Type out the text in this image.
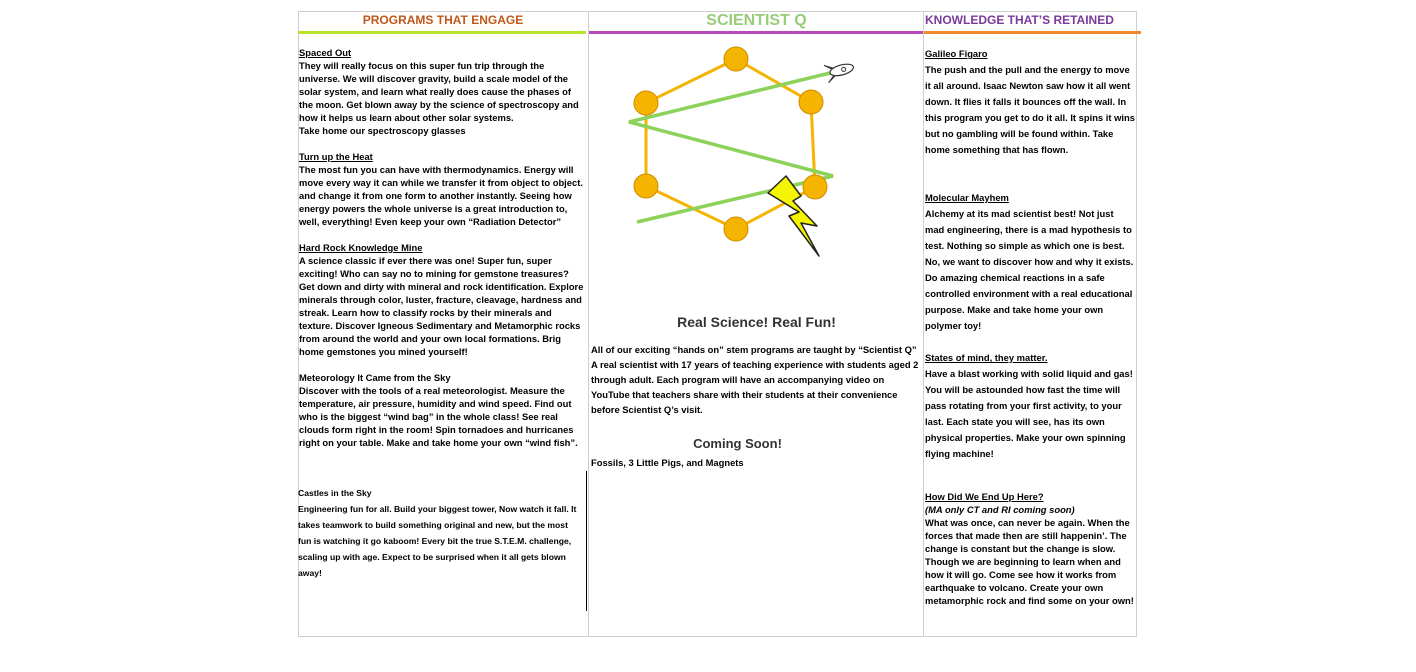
PROGRAMS THAT ENGAGE
Spaced Out

They will really focus on this super fun trip through the universe. We will discover gravity, build a scale model of the solar system, and learn what really does cause the phases of the moon. Get blown away by the science of spectroscopy and how it helps us learn about other solar systems.

Take home our spectroscopy glasses

Turn up the Heat

The most fun you can have with thermodynamics. Energy will move every way it can while we transfer it from object to object. and change it from one form to another instantly. Seeing how energy powers the whole universe is a great introduction to, well, everything! Even keep your own “Radiation Detector”

Hard Rock Knowledge Mine

A science classic if ever there was one! Super fun, super exciting! Who can say no to mining for gemstone treasures? Get down and dirty with mineral and rock identification. Explore minerals through color, luster, fracture, cleavage, hardness and streak. Learn how to classify rocks by their minerals and texture. Discover Igneous Sedimentary and Metamorphic rocks from around the world and your own local formations. Brig home gemstones you mined yourself!

Meteorology It Came from the Sky

Discover with the tools of a real meteorologist. Measure the temperature, air pressure, humidity and wind speed. Find out who is the biggest “wind bag” in the whole class! See real clouds form right in the room! Spin tornadoes and hurricanes right on your table. Make and take home your own “wind fish”.

Castles in the Sky

Engineering fun for all. Build your biggest tower, Now watch it fall. It takes teamwork to build something original and new, but the most fun is watching it go kaboom! Every bit the true S.T.E.M. challenge, scaling up with age. Expect to be surprised when it all gets blown away!

SCIENTIST Q
Real Science! Real Fun!
All of our exciting “hands on” stem programs are taught by “Scientist Q” A real scientist with 17 years of teaching experience with students aged 2 through adult. Each program will have an accompanying video on YouTube that teachers share with their students at their convenience before Scientist Q’s visit.
Coming Soon!
Fossils, 3 Little Pigs, and Magnets
KNOWLEDGE THAT’S RETAINED
Galileo Figaro

The push and the pull and the energy to move it all around. Isaac Newton saw how it all went down. It flies it falls it bounces off the wall. In this program you get to do it all. It spins it wins but no gambling will be found within. Take home something that has flown.

Molecular Mayhem

Alchemy at its mad scientist best! Not just mad engineering, there is a mad hypothesis to test. Nothing so simple as which one is best. No, we want to discover how and why it exists. Do amazing chemical reactions in a safe controlled environment with a real educational purpose. Make and take home your own polymer toy!

States of mind, they matter.

Have a blast working with solid liquid and gas! You will be astounded how fast the time will pass rotating from your first activity, to your last. Each state you will see, has its own physical properties. Make your own spinning flying machine!

How Did We End Up Here?

(MA only CT and RI coming soon)

What was once, can never be again. When the forces that made then are still happenin’. The change is constant but the change is slow. Though we are beginning to learn when and how it will go. Come see how it works from earthquake to volcano. Create your own metamorphic rock and find some on your own!
